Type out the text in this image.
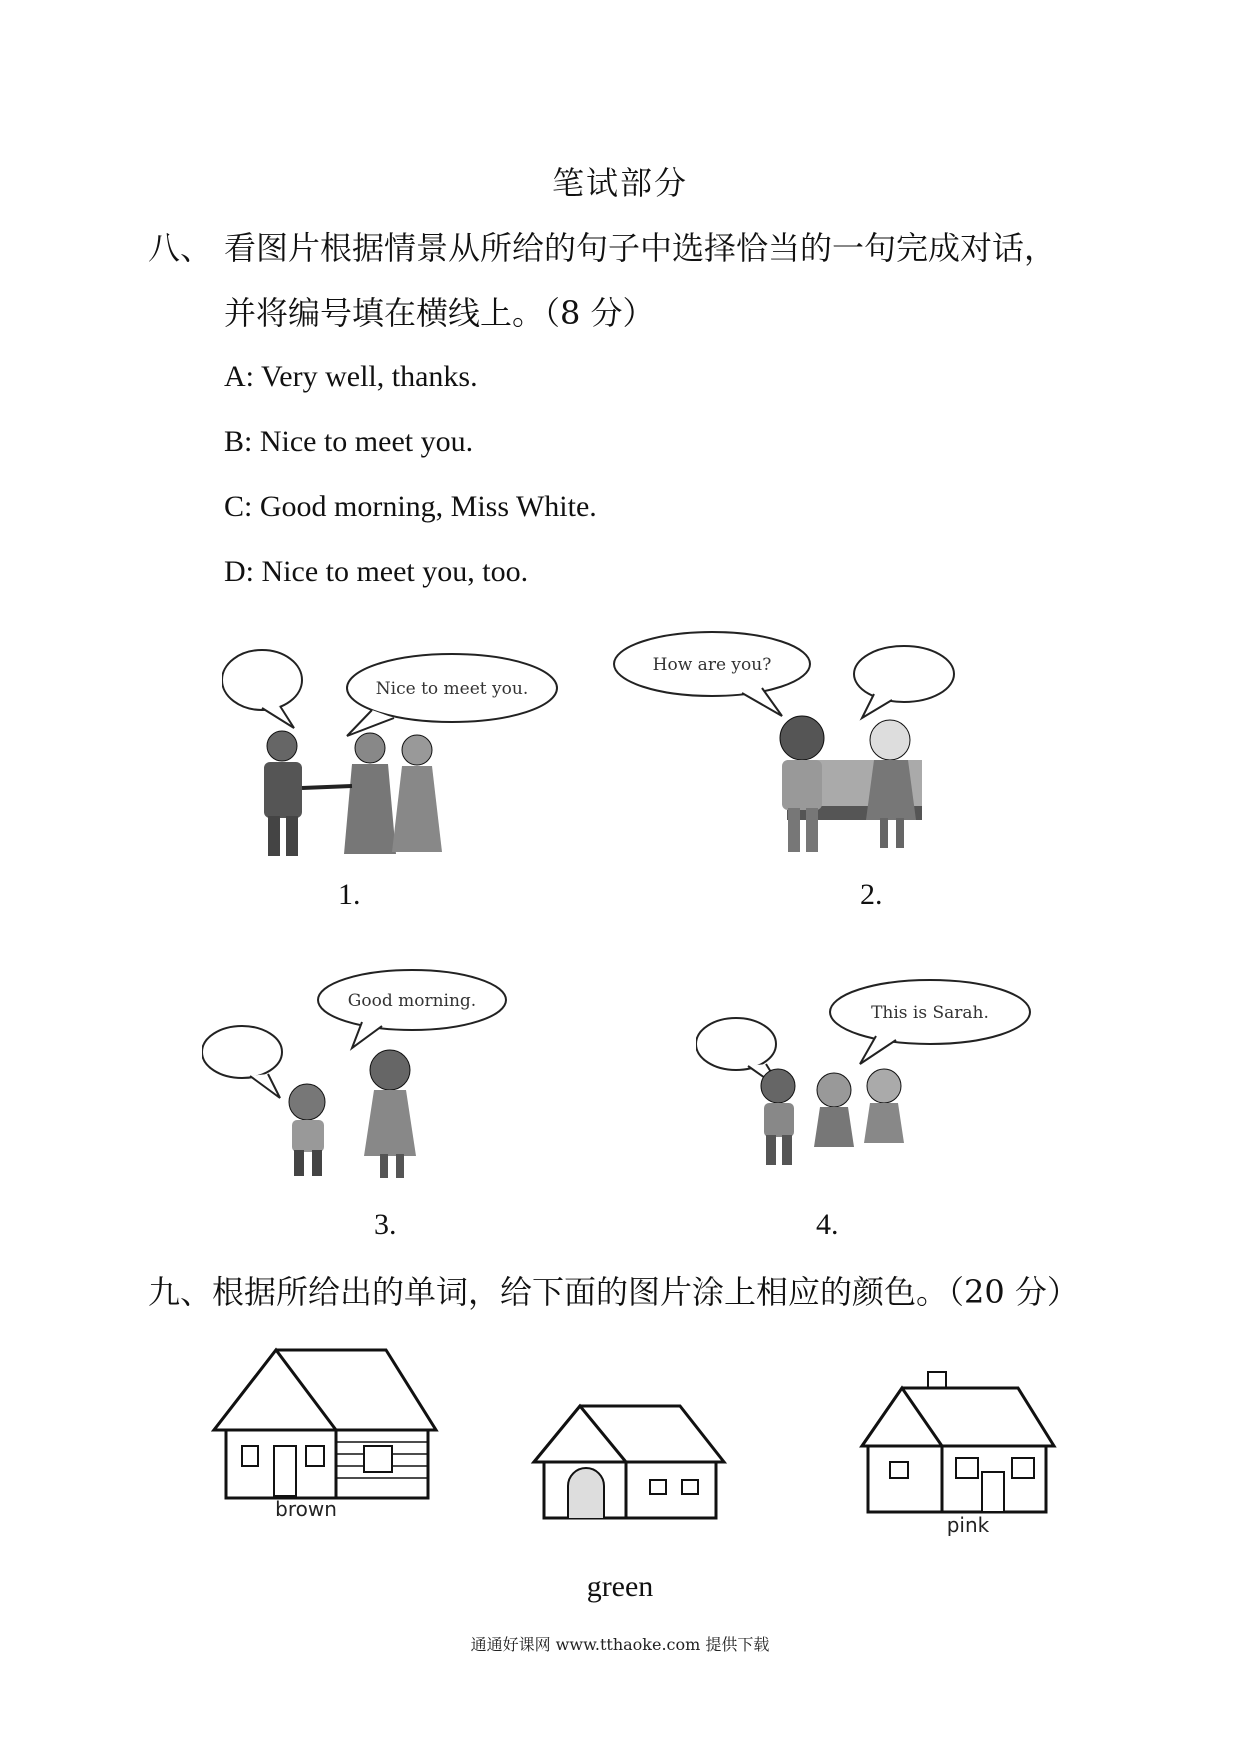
笔试部分
八、 看图片根据情景从所给的句子中选择恰当的一句完成对话，
并将编号填在横线上。（8 分）
A: Very well, thanks.
B: Nice to meet you.
C: Good morning, Miss White.
D: Nice to meet you, too.
Nice to meet you.
How are you?
1.	2.
Good morning.
This is Sarah.
3.	4.
九、根据所给出的单词，给下面的图片涂上相应的颜色。（20 分）
brown
green
pink
通通好课网 www.tthaoke.com 提供下载
